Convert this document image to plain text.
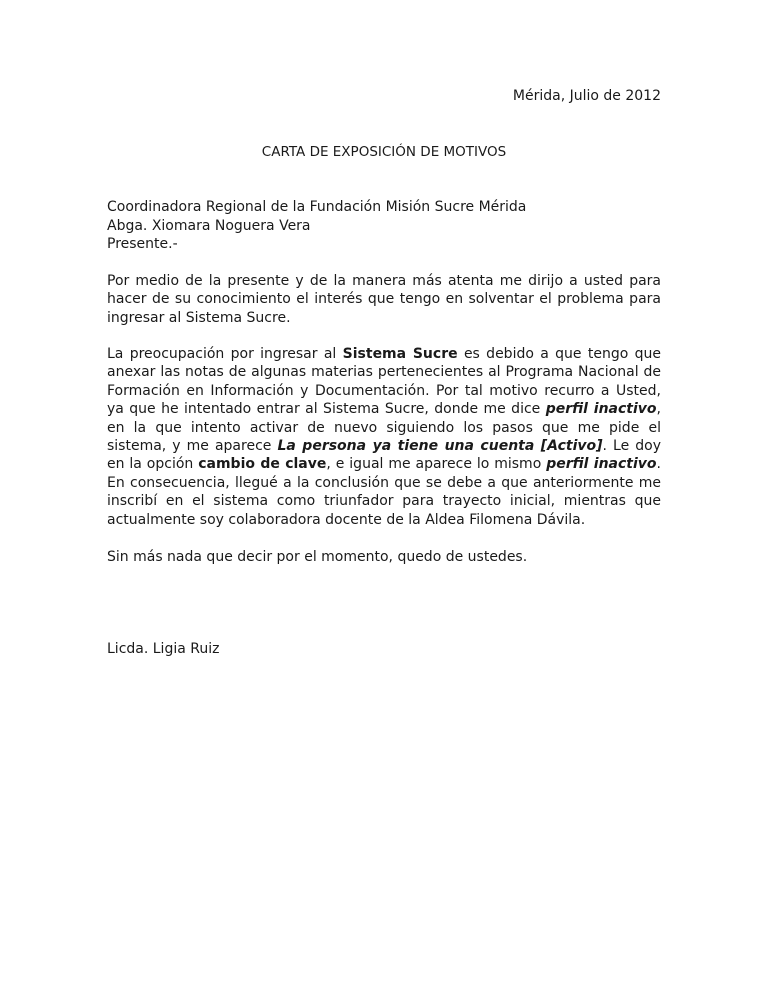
Mérida, Julio de 2012
CARTA DE EXPOSICIÓN DE MOTIVOS
Coordinadora Regional de la Fundación Misión Sucre Mérida
Abga. Xiomara Noguera Vera
Presente.-

Por medio de la presente y de la manera más atenta me dirijo a usted para hacer de su conocimiento el interés que tengo en solventar el problema para ingresar al Sistema Sucre.

La preocupación por ingresar al Sistema Sucre es debido a que tengo que anexar las notas de algunas materias pertenecientes al Programa Nacional de Formación en Información y Documentación. Por tal motivo recurro a Usted, ya que he intentado entrar al Sistema Sucre, donde me dice perfil inactivo, en la que intento activar de nuevo siguiendo los pasos que me pide el sistema, y me aparece La persona ya tiene una cuenta [Activo]. Le doy en la opción cambio de clave, e igual me aparece lo mismo perfil inactivo. En consecuencia, llegué a la conclusión que se debe a que anteriormente me inscribí en el sistema como triunfador para trayecto inicial, mientras que actualmente soy colaboradora docente de la Aldea Filomena Dávila.

Sin más nada que decir por el momento, quedo de ustedes.

Licda. Ligia Ruiz
